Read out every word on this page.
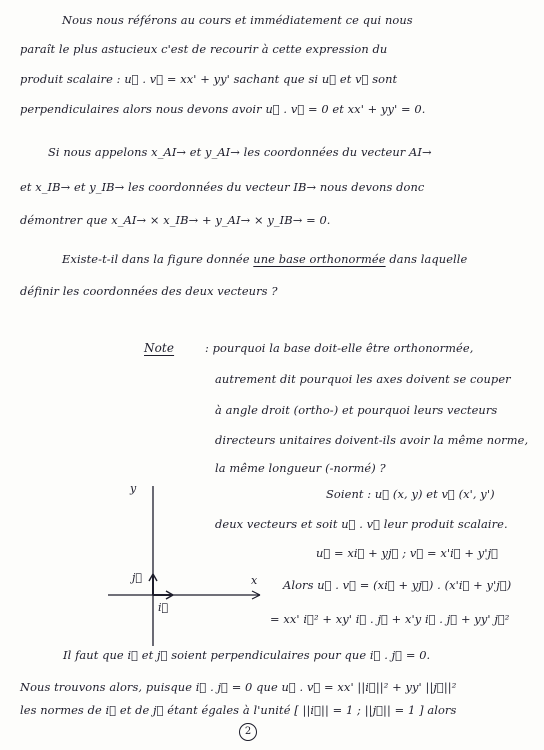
Nous nous référons au cours et immédiatement ce qui nous
paraît le plus astucieux c'est de recourir à cette expression du
produit scalaire : u⃗ . v⃗ = xx' + yy' sachant que si u⃗ et v⃗ sont
perpendiculaires alors nous devons avoir u⃗ . v⃗ = 0 et xx' + yy' = 0.
Si nous appelons x_AI→ et y_AI→ les coordonnées du vecteur AI→
et x_IB→ et y_IB→ les coordonnées du vecteur IB→ nous devons donc
démontrer que x_AI→ × x_IB→ + y_AI→ × y_IB→ = 0.
Existe-t-il dans la figure donnée une base orthonormée dans laquelle
définir les coordonnées des deux vecteurs ?
Note	: pourquoi la base doit-elle être orthonormée,
autrement dit pourquoi les axes doivent se couper
à angle droit (ortho-) et pourquoi leurs vecteurs
directeurs unitaires doivent-ils avoir la même norme,
la même longueur (-normé) ?
Soient : u⃗ (x, y) et v⃗ (x', y')
deux vecteurs et soit u⃗ . v⃗ leur produit scalaire.
u⃗ = xi⃗ + yj⃗ ; v⃗ = x'i⃗ + y'j⃗
Alors u⃗ . v⃗ = (xi⃗ + yj⃗) . (x'i⃗ + y'j⃗)
= xx' i⃗² + xy' i⃗ . j⃗ + x'y i⃗ . j⃗ + yy' j⃗²
y
x
j⃗
i⃗
Il faut que i⃗ et j⃗ soient perpendiculaires pour que i⃗ . j⃗ = 0.
Nous trouvons alors, puisque i⃗ . j⃗ = 0 que u⃗ . v⃗ = xx' ||i⃗||² + yy' ||j⃗||²
les normes de i⃗ et de j⃗ étant égales à l'unité [ ||i⃗|| = 1 ; ||j⃗|| = 1 ] alors
2
